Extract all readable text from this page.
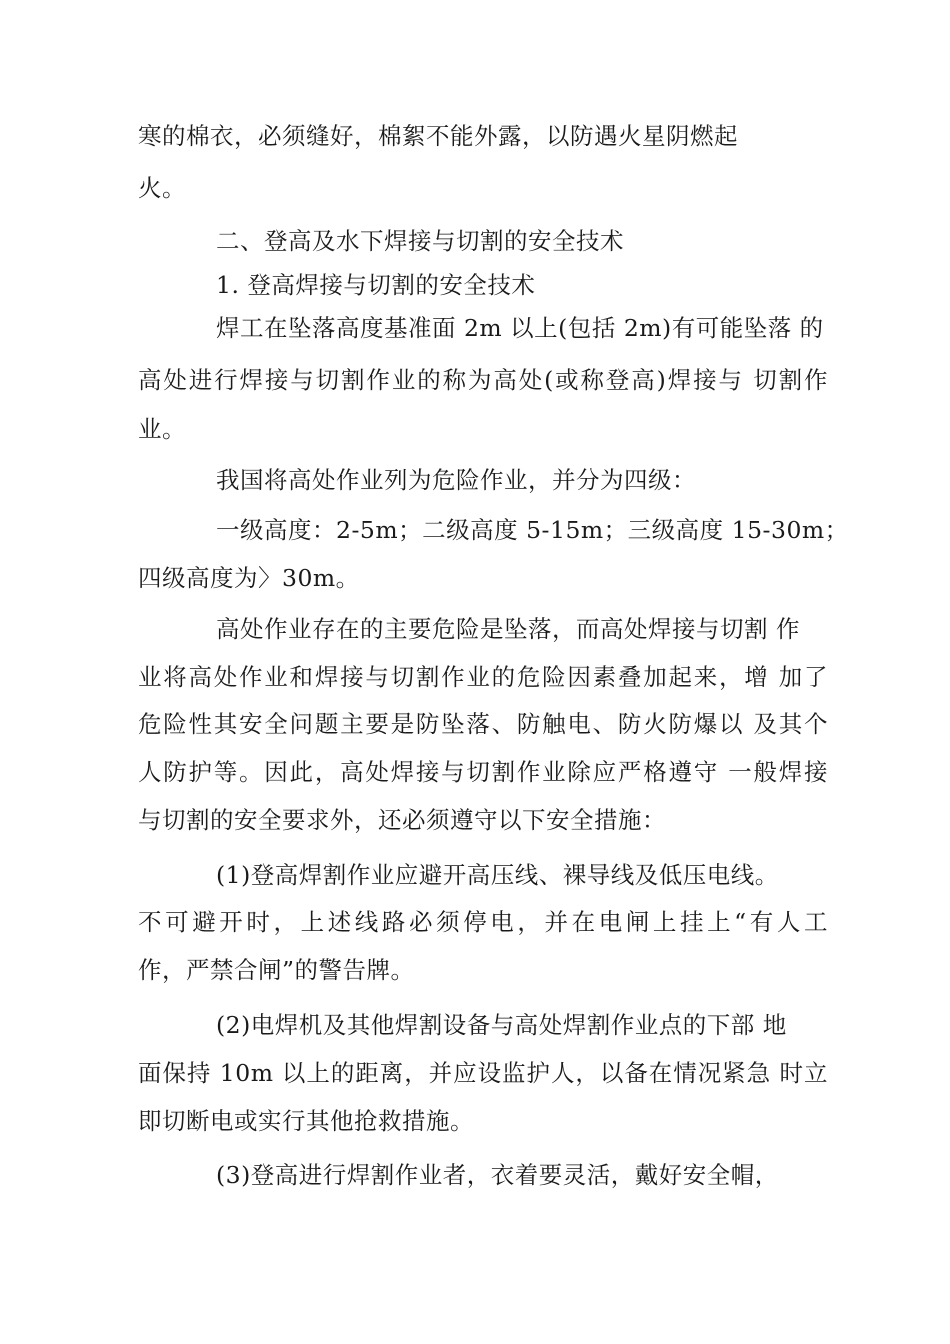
寒的棉衣，必须缝好，棉絮不能外露，以防遇火星阴燃起
火。
二、登高及水下焊接与切割的安全技术
1. 登高焊接与切割的安全技术
焊工在坠落高度基准面 2m 以上(包括 2m)有可能坠落 的
高处进行焊接与切割作业的称为高处(或称登高)焊接与 切割作
业。
我国将高处作业列为危险作业，并分为四级：
一级高度：2-5m；二级高度 5-15m；三级高度 15-30m；
四级高度为〉30m。
高处作业存在的主要危险是坠落，而高处焊接与切割 作
业将高处作业和焊接与切割作业的危险因素叠加起来，增 加了
危险性其安全问题主要是防坠落、防触电、防火防爆以 及其个
人防护等。因此，高处焊接与切割作业除应严格遵守 一般焊接
与切割的安全要求外，还必须遵守以下安全措施：
(1)登高焊割作业应避开高压线、裸导线及低压电线。
不可避开时，上述线路必须停电，并在电闸上挂上“有人工
作，严禁合闸”的警告牌。
(2)电焊机及其他焊割设备与高处焊割作业点的下部 地
面保持 10m 以上的距离，并应设监护人，以备在情况紧急 时立
即切断电或实行其他抢救措施。
(3)登高进行焊割作业者，衣着要灵活，戴好安全帽，
